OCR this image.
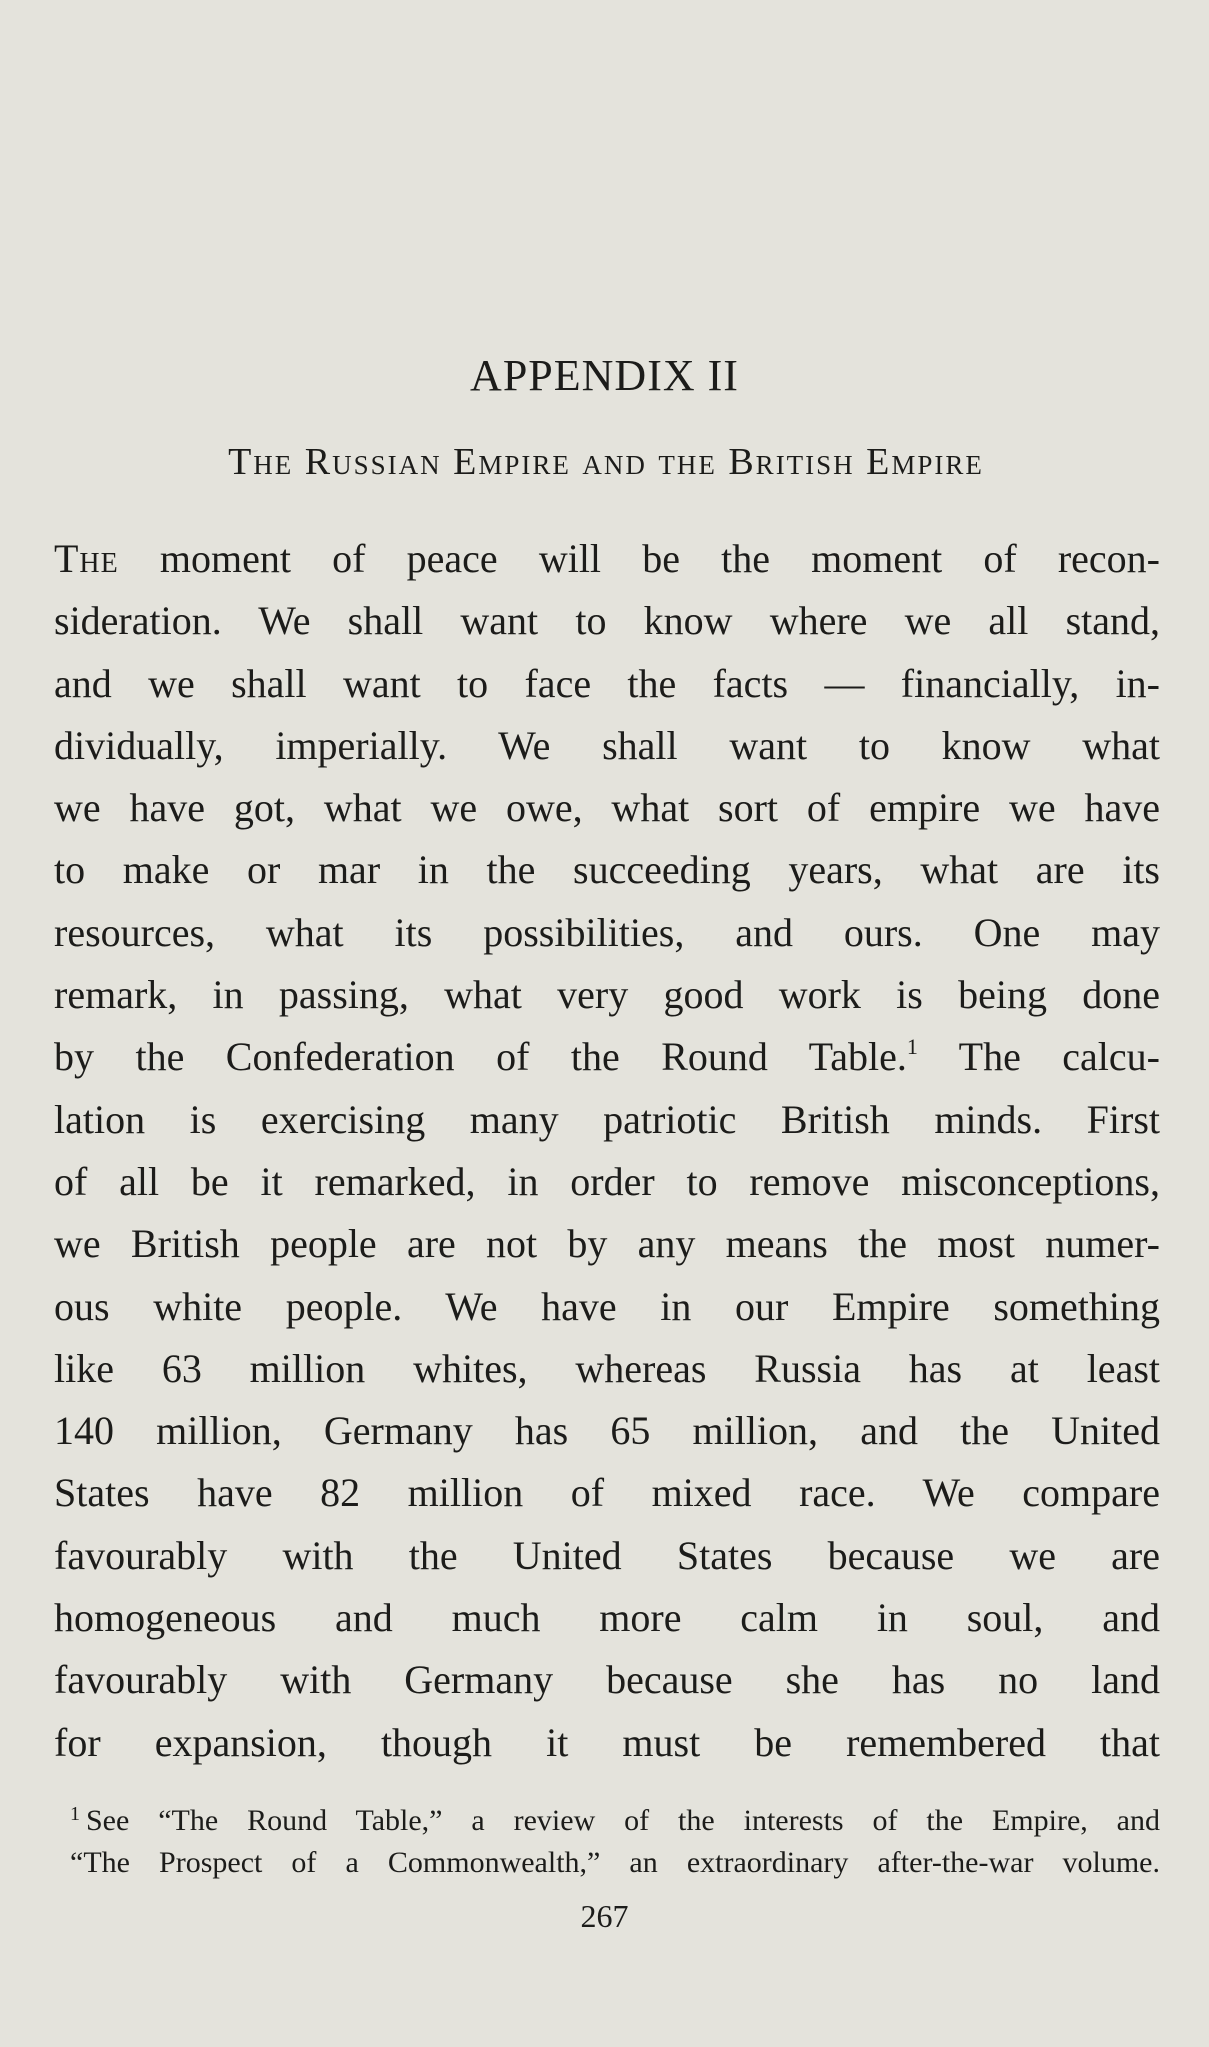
APPENDIX II
The Russian Empire and the British Empire
The moment of peace will be the moment of recon-
sideration. We shall want to know where we all stand,
and we shall want to face the facts — financially, in-
dividually, imperially. We shall want to know what
we have got, what we owe, what sort of empire we have
to make or mar in the succeeding years, what are its
resources, what its possibilities, and ours. One may
remark, in passing, what very good work is being done
by the Confederation of the Round Table.$^1$ The calcu-
lation is exercising many patriotic British minds. First
of all be it remarked, in order to remove misconceptions,
we British people are not by any means the most numer-
ous white people. We have in our Empire something
like 63 million whites, whereas Russia has at least
140 million, Germany has 65 million, and the United
States have 82 million of mixed race. We compare
favourably with the United States because we are
homogeneous and much more calm in soul, and
favourably with Germany because she has no land
for expansion, though it must be remembered that
$^1$ See “The Round Table,” a review of the interests of the Empire, and
“The Prospect of a Commonwealth,” an extraordinary after-the-war volume.
267
